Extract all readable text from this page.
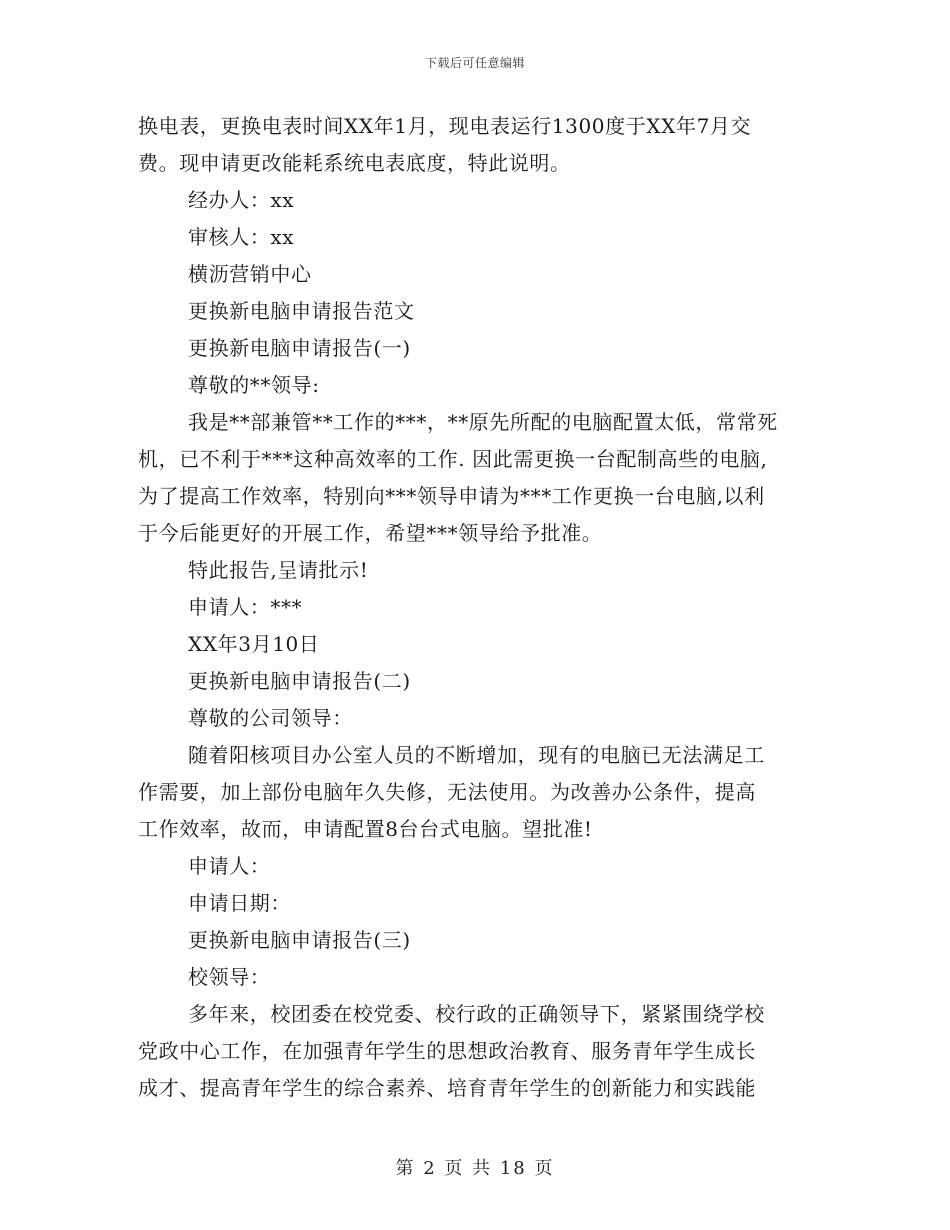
下载后可任意编辑
换电表，更换电表时间XX年1月，现电表运行1300度于XX年7月交
费。现申请更改能耗系统电表底度，特此说明。
经办人：xx
审核人：xx
横沥营销中心
更换新电脑申请报告范文
更换新电脑申请报告(一)
尊敬的**领导:
我是**部兼管**工作的***，**原先所配的电脑配置太低，常常死
机，已不利于***这种高效率的工作. 因此需更换一台配制高些的电脑,
为了提高工作效率，特别向***领导申请为***工作更换一台电脑,以利
于今后能更好的开展工作，希望***领导给予批准。
特此报告,呈请批示!
申请人：***
XX年3月10日
更换新电脑申请报告(二)
尊敬的公司领导：
随着阳核项目办公室人员的不断增加，现有的电脑已无法满足工
作需要，加上部份电脑年久失修，无法使用。为改善办公条件，提高
工作效率，故而，申请配置8台台式电脑。望批准!
申请人：
申请日期：
更换新电脑申请报告(三)
校领导：
多年来，校团委在校党委、校行政的正确领导下，紧紧围绕学校
党政中心工作，在加强青年学生的思想政治教育、服务青年学生成长
成才、提高青年学生的综合素养、培育青年学生的创新能力和实践能
第 2 页 共 18 页
